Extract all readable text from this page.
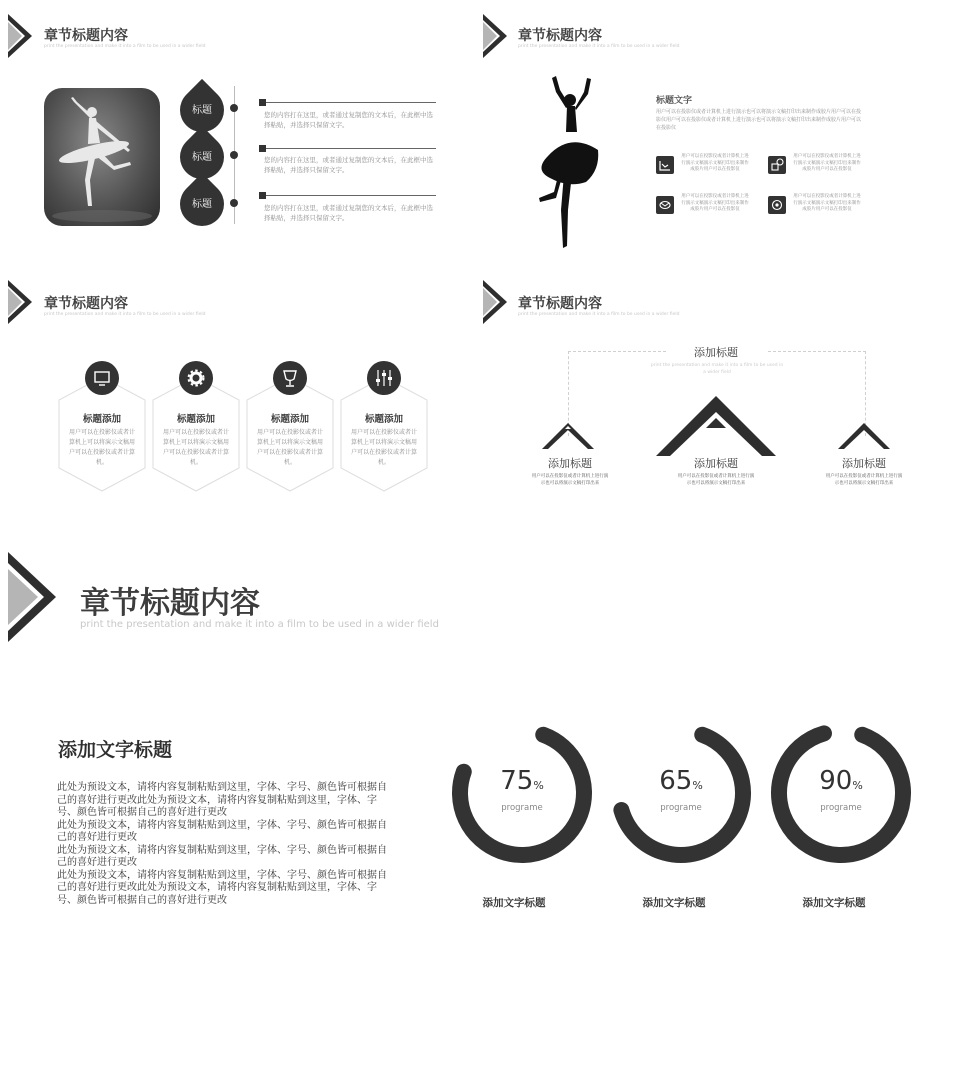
章节标题内容
print the presentation and make it into a film to be used in a wider field
标题	您的内容打在这里，或者通过复制您的文本后，在此框中选择粘贴，并选择只保留文字。
标题	您的内容打在这里，或者通过复制您的文本后，在此框中选择粘贴，并选择只保留文字。
标题	您的内容打在这里，或者通过复制您的文本后，在此框中选择粘贴，并选择只保留文字。
章节标题内容
print the presentation and make it into a film to be used in a wider field
标题文字
用户可以在投影仪或者计算机上进行演示也可以将演示文稿打印出来制作成胶片用户可以在投影仪用户可以在投影仪或者计算机上进行演示也可以将演示文稿打印出来制作成胶片用户可以在投影仪
用户可以在投影仪或者计算机上进行演示文稿演示文稿打印出来制作成胶片用户可以在投影仪
用户可以在投影仪或者计算机上进行演示文稿演示文稿打印出来制作成胶片用户可以在投影仪
用户可以在投影仪或者计算机上进行演示文稿演示文稿打印出来制作成胶片用户可以在投影仪
用户可以在投影仪或者计算机上进行演示文稿演示文稿打印出来制作成胶片用户可以在投影仪
章节标题内容
print the presentation and make it into a film to be used in a wider field
标题添加
用户可以在投影仪或者计算机上可以将演示文稿用户可以在投影仪或者计算机。
标题添加
用户可以在投影仪或者计算机上可以将演示文稿用户可以在投影仪或者计算机。
标题添加
用户可以在投影仪或者计算机上可以将演示文稿用户可以在投影仪或者计算机。
标题添加
用户可以在投影仪或者计算机上可以将演示文稿用户可以在投影仪或者计算机。
章节标题内容
print the presentation and make it into a film to be used in a wider field
添加标题
print the presentation and make it into a film to be used in a wider field
添加标题
用户可以在投影仪或者计算机上进行演示也可以将演示文稿打印出来
添加标题
用户可以在投影仪或者计算机上进行演示也可以将演示文稿打印出来
添加标题
用户可以在投影仪或者计算机上进行演示也可以将演示文稿打印出来
章节标题内容
print the presentation and make it into a film to be used in a wider field
添加文字标题
此处为预设文本，请将内容复制粘贴到这里，字体、字号、颜色皆可根据自己的喜好进行更改此处为预设文本，请将内容复制粘贴到这里，字体、字号、颜色皆可根据自己的喜好进行更改
此处为预设文本，请将内容复制粘贴到这里，字体、字号、颜色皆可根据自己的喜好进行更改
此处为预设文本，请将内容复制粘贴到这里，字体、字号、颜色皆可根据自己的喜好进行更改
此处为预设文本，请将内容复制粘贴到这里，字体、字号、颜色皆可根据自己的喜好进行更改此处为预设文本，请将内容复制粘贴到这里，字体、字号、颜色皆可根据自己的喜好进行更改
75%
programe
添加文字标题
65%
programe
添加文字标题
90%
programe
添加文字标题
